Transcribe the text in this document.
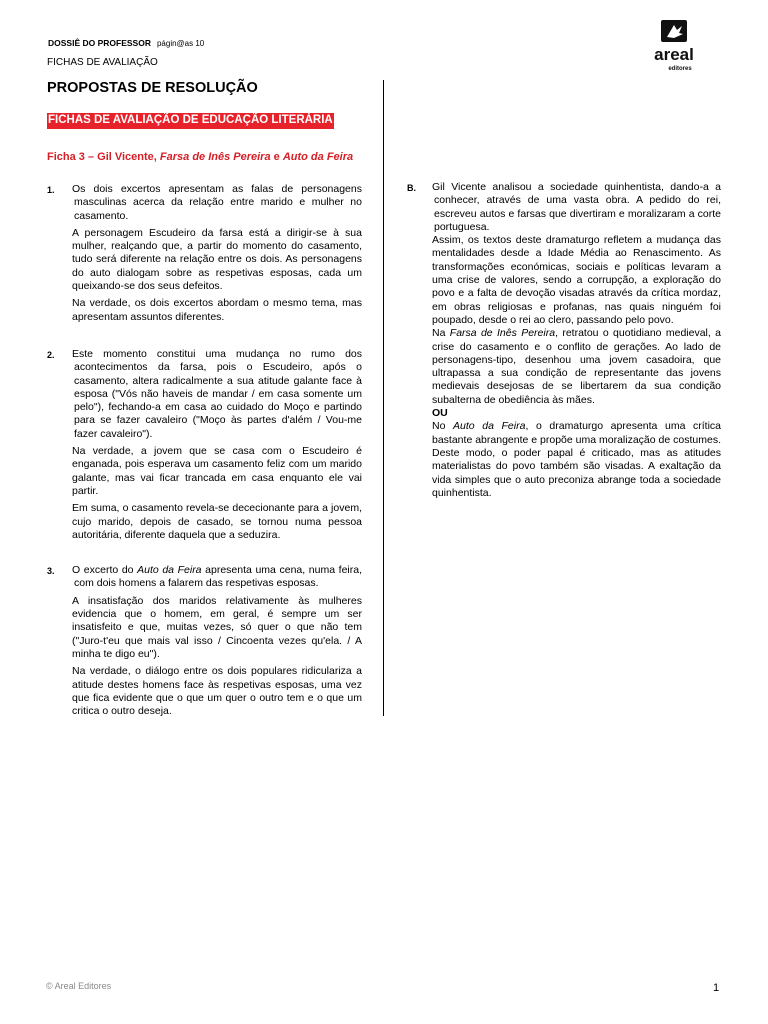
DOSSIÊ DO PROFESSOR págin@as 10
FICHAS DE AVALIAÇÃO	areal
editores
PROPOSTAS DE RESOLUÇÃO
FICHAS DE AVALIAÇÃO DE EDUCAÇÃO LITERÁRIA
Ficha 3 – Gil Vicente, Farsa de Inês Pereira e Auto da Feira
1. Os dois excertos apresentam as falas de personagens masculinas acerca da relação entre marido e mulher no casamento.

A personagem Escudeiro da farsa está a dirigir-se à sua mulher, realçando que, a partir do momento do casamento, tudo será diferente na relação entre os dois. As personagens do auto dialogam sobre as respetivas esposas, cada um queixando-se dos seus defeitos.

Na verdade, os dois excertos abordam o mesmo tema, mas apresentam assuntos diferentes.

2. Este momento constitui uma mudança no rumo dos acontecimentos da farsa, pois o Escudeiro, após o casamento, altera radicalmente a sua atitude galante face à esposa ("Vós não haveis de mandar / em casa somente um pelo"), fechando-a em casa ao cuidado do Moço e partindo para se fazer cavaleiro ("Moço às partes d'além / Vou-me fazer cavaleiro").

Na verdade, a jovem que se casa com o Escudeiro é enganada, pois esperava um casamento feliz com um marido galante, mas vai ficar trancada em casa enquanto ele vai partir.

Em suma, o casamento revela-se dececionante para a jovem, cujo marido, depois de casado, se tornou numa pessoa autoritária, diferente daquela que a seduzira.

3. O excerto do Auto da Feira apresenta uma cena, numa feira, com dois homens a falarem das respetivas esposas.

A insatisfação dos maridos relativamente às mulheres evidencia que o homem, em geral, é sempre um ser insatisfeito e que, muitas vezes, só quer o que não tem ("Juro-t'eu que mais val isso / Cincoenta vezes qu'ela. / A minha te digo eu").

Na verdade, o diálogo entre os dois populares ridiculariza a atitude destes homens face às respetivas esposas, uma vez que fica evidente que o que um quer o outro tem e o que um critica o outro deseja.

B. Gil Vicente analisou a sociedade quinhentista, dando-a a conhecer, através de uma vasta obra. A pedido do rei, escreveu autos e farsas que divertiram e moralizaram a corte portuguesa.

Assim, os textos deste dramaturgo refletem a mudança das mentalidades desde a Idade Média ao Renascimento. As transformações económicas, sociais e políticas levaram a uma crise de valores, sendo a corrupção, a exploração do povo e a falta de devoção visadas através da crítica mordaz, em obras religiosas e profanas, nas quais ninguém foi poupado, desde o rei ao clero, passando pelo povo.

Na Farsa de Inês Pereira, retratou o quotidiano medieval, a crise do casamento e o conflito de gerações. Ao lado de personagens-tipo, desenhou uma jovem casadoira, que ultrapassa a sua condição de representante das jovens medievais desejosas de se libertarem da sua condição subalterna de obediência às mães.

OU

No Auto da Feira, o dramaturgo apresenta uma crítica bastante abrangente e propõe uma moralização de costumes. Deste modo, o poder papal é criticado, mas as atitudes materialistas do povo também são visadas. A exaltação da vida simples que o auto preconiza abrange toda a sociedade quinhentista.

© Areal Editores	1
